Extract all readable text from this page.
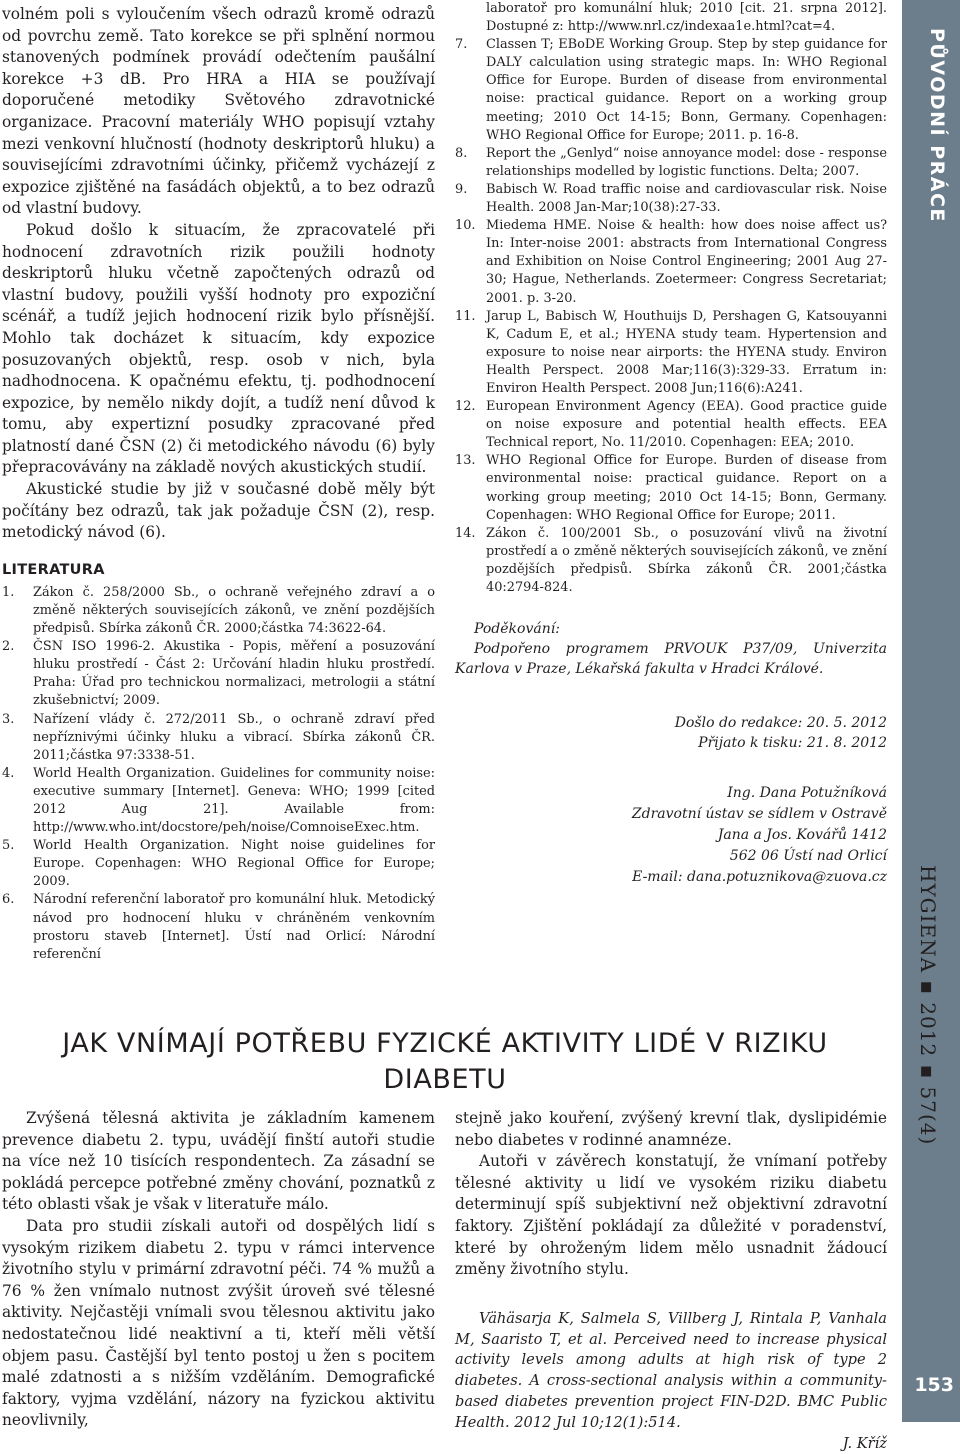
PŮVODNÍ PRÁCE
HYGIENA ▪ 2012 ▪ 57(4)
153

volném poli s vyloučením všech odrazů kromě odrazů od povrchu země. Tato korekce se při splnění normou stanovených podmínek provádí odečtením paušální korekce +3 dB. Pro HRA a HIA se používají doporučené metodiky Světového zdravotnické organizace. Pracovní materiály WHO popisují vztahy mezi venkovní hlučností (hodnoty deskriptorů hluku) a souvisejícími zdravotními účinky, přičemž vycházejí z expozice zjištěné na fasádách objektů, a to bez odrazů od vlastní budovy.

Pokud došlo k situacím, že zpracovatelé při hodnocení zdravotních rizik použili hodnoty deskriptorů hluku včetně započtených odrazů od vlastní budovy, použili vyšší hodnoty pro expoziční scénář, a tudíž jejich hodnocení rizik bylo přísnější. Mohlo tak docházet k situacím, kdy expozice posuzovaných objektů, resp. osob v nich, byla nadhodnocena. K opačnému efektu, tj. podhodnocení expozice, by nemělo nikdy dojít, a tudíž není důvod k tomu, aby expertizní posudky zpracované před platností dané ČSN (2) či metodického návodu (6) byly přepracovávány na základě nových akustických studií.

Akustické studie by již v současné době měly být počítány bez odrazů, tak jak požaduje ČSN (2), resp. metodický návod (6).

LITERATURA
1. Zákon č. 258/2000 Sb., o ochraně veřejného zdraví a o změně některých souvisejících zákonů, ve znění pozdějších předpisů. Sbírka zákonů ČR. 2000;částka 74:3622-64.
2. ČSN ISO 1996-2. Akustika - Popis, měření a posuzování hluku prostředí - Část 2: Určování hladin hluku prostředí. Praha: Úřad pro technickou normalizaci, metrologii a státní zkušebnictví; 2009.
3. Nařízení vlády č. 272/2011 Sb., o ochraně zdraví před nepříznivými účinky hluku a vibrací. Sbírka zákonů ČR. 2011;částka 97:3338-51.
4. World Health Organization. Guidelines for community noise: executive summary [Internet]. Geneva: WHO; 1999 [cited 2012 Aug 21]. Available from: http://www.who.int/docstore/peh/noise/ComnoiseExec.htm.
5. World Health Organization. Night noise guidelines for Europe. Copenhagen: WHO Regional Office for Europe; 2009.
6. Národní referenční laboratoř pro komunální hluk. Metodický návod pro hodnocení hluku v chráněném venkovním prostoru staveb [Internet]. Ústí nad Orlicí: Národní referenční
laboratoř pro komunální hluk; 2010 [cit. 21. srpna 2012]. Dostupné z: http://www.nrl.cz/indexaa1e.html?cat=4.
7. Classen T; EBoDE Working Group. Step by step guidance for DALY calculation using strategic maps. In: WHO Regional Office for Europe. Burden of disease from environmental noise: practical guidance. Report on a working group meeting; 2010 Oct 14-15; Bonn, Germany. Copenhagen: WHO Regional Office for Europe; 2011. p. 16-8.
8. Report the „Genlyd“ noise annoyance model: dose - response relationships modelled by logistic functions. Delta; 2007.
9. Babisch W. Road traffic noise and cardiovascular risk. Noise Health. 2008 Jan-Mar;10(38):27-33.
10. Miedema HME. Noise & health: how does noise affect us? In: Inter-noise 2001: abstracts from International Congress and Exhibition on Noise Control Engineering; 2001 Aug 27-30; Hague, Netherlands. Zoetermeer: Congress Secretariat; 2001. p. 3-20.
11. Jarup L, Babisch W, Houthuijs D, Pershagen G, Katsouyanni K, Cadum E, et al.; HYENA study team. Hypertension and exposure to noise near airports: the HYENA study. Environ Health Perspect. 2008 Mar;116(3):329-33. Erratum in: Environ Health Perspect. 2008 Jun;116(6):A241.
12. European Environment Agency (EEA). Good practice guide on noise exposure and potential health effects. EEA Technical report, No. 11/2010. Copenhagen: EEA; 2010.
13. WHO Regional Office for Europe. Burden of disease from environmental noise: practical guidance. Report on a working group meeting; 2010 Oct 14-15; Bonn, Germany. Copenhagen: WHO Regional Office for Europe; 2011.
14. Zákon č. 100/2001 Sb., o posuzování vlivů na životní prostředí a o změně některých souvisejících zákonů, ve znění pozdějších předpisů. Sbírka zákonů ČR. 2001;částka 40:2794-824.
Poděkování:
Podpořeno programem PRVOUK P37/09, Univerzita Karlova v Praze, Lékařská fakulta v Hradci Králové.
Došlo do redakce: 20. 5. 2012
Přijato k tisku: 21. 8. 2012
Ing. Dana Potužníková
Zdravotní ústav se sídlem v Ostravě
Jana a Jos. Kovářů 1412
562 06 Ústí nad Orlicí
E-mail: dana.potuznikova@zuova.cz
JAK VNÍMAJÍ POTŘEBU FYZICKÉ AKTIVITY LIDÉ V RIZIKU
DIABETU

Zvýšená tělesná aktivita je základním kamenem prevence diabetu 2. typu, uvádějí finští autoři studie na více než 10 tisících respondentech. Za zásadní se pokládá percepce potřebné změny chování, poznatků z této oblasti však je však v literatuře málo.

Data pro studii získali autoři od dospělých lidí s vysokým rizikem diabetu 2. typu v rámci intervence životního stylu v primární zdravotní péči. 74 % mužů a 76 % žen vnímalo nutnost zvýšit úroveň své tělesné aktivity. Nejčastěji vnímali svou tělesnou aktivitu jako nedostatečnou lidé neaktivní a ti, kteří měli větší objem pasu. Častější byl tento postoj u žen s pocitem malé zdatnosti a s nižším vzděláním. Demografické faktory, vyjma vzdělání, názory na fyzickou aktivitu neovlivnily,

stejně jako kouření, zvýšený krevní tlak, dyslipidémie nebo diabetes v rodinné anamnéze.

Autoři v závěrech konstatují, že vnímaní potřeby tělesné aktivity u lidí ve vysokém riziku diabetu determinují spíš subjektivní než objektivní zdravotní faktory. Zjištění pokládají za důležité v poradenství, které by ohroženým lidem mělo usnadnit žádoucí změny životního stylu.

Vähäsarja K, Salmela S, Villberg J, Rintala P, Vanhala M, Saaristo T, et al. Perceived need to increase physical activity levels among adults at high risk of type 2 diabetes. A cross-sectional analysis within a community-based diabetes prevention project FIN-D2D. BMC Public Health. 2012 Jul 10;12(1):514.
J. Kříž
